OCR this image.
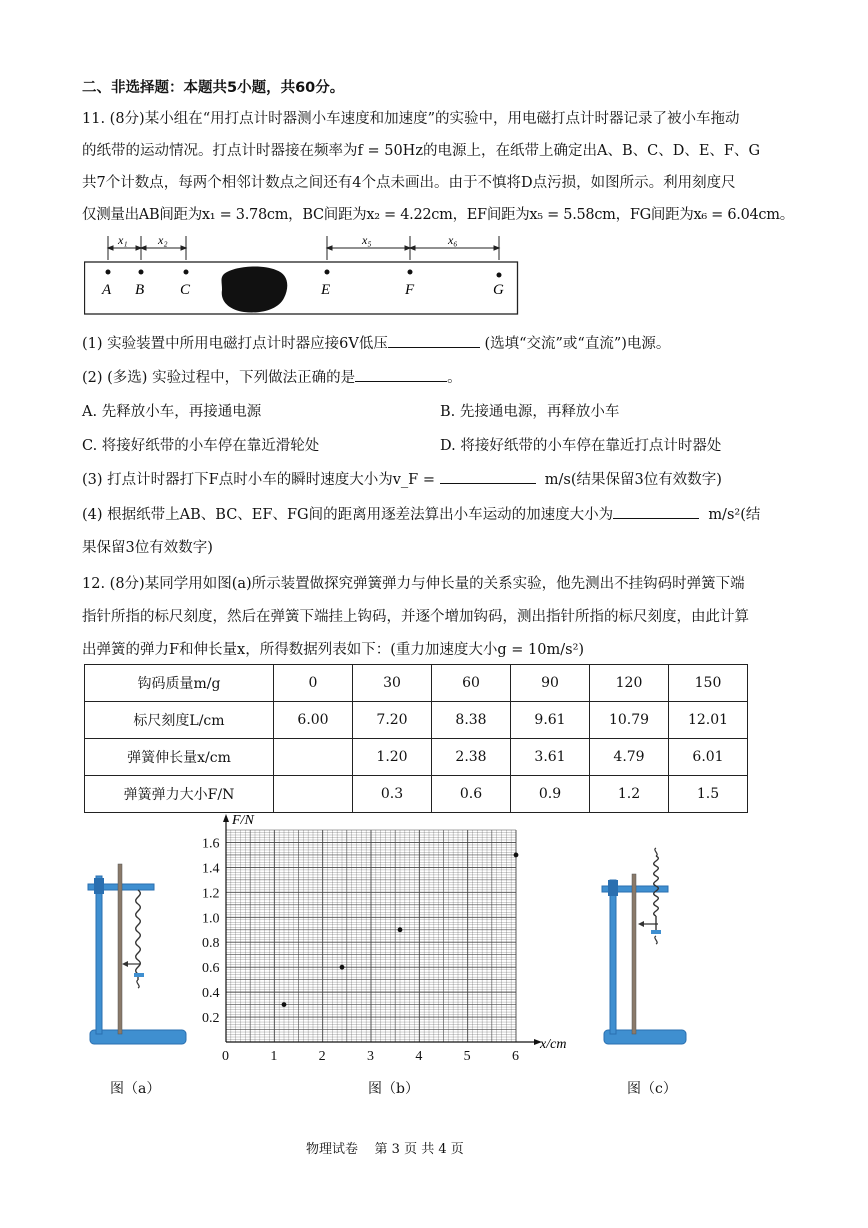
二、非选择题：本题共5小题，共60分。
11. (8分)某小组在“用打点计时器测小车速度和加速度”的实验中，用电磁打点计时器记录了被小车拖动
的纸带的运动情况。打点计时器接在频率为f = 50Hz的电源上，在纸带上确定出A、B、C、D、E、F、G
共7个计数点，每两个相邻计数点之间还有4个点未画出。由于不慎将D点污损，如图所示。利用刻度尺
仅测量出AB间距为x₁ = 3.78cm，BC间距为x₂ = 4.22cm，EF间距为x₅ = 5.58cm，FG间距为x₆ = 6.04cm。
x₁	x₂	x₅	x₆
A B C	E	F	G
(1) 实验装置中所用电磁打点计时器应接6V低压	(选填“交流”或“直流”)电源。
(2) (多选) 实验过程中，下列做法正确的是	。
A. 先释放小车，再接通电源	B. 先接通电源，再释放小车
C. 将接好纸带的小车停在靠近滑轮处	D. 将接好纸带的小车停在靠近打点计时器处
(3) 打点计时器打下F点时小车的瞬时速度大小为v_F =	m/s(结果保留3位有效数字)
(4) 根据纸带上AB、BC、EF、FG间的距离用逐差法算出小车运动的加速度大小为	m/s²(结
果保留3位有效数字)
12. (8分)某同学用如图(a)所示装置做探究弹簧弹力与伸长量的关系实验，他先测出不挂钩码时弹簧下端
指针所指的标尺刻度，然后在弹簧下端挂上钩码，并逐个增加钩码，测出指针所指的标尺刻度，由此计算
出弹簧的弹力F和伸长量x，所得数据列表如下：(重力加速度大小g = 10m/s²)
钩码质量m/g	0	30	60	90	120	150
标尺刻度L/cm	6.00	7.20	8.38	9.61	10.79	12.01
弹簧伸长量x/cm		1.20	2.38	3.61	4.79	6.01
弹簧弹力大小F/N		0.3	0.6	0.9	1.2	1.5
0	1	2	3	4	5	6
0.2
0.4
0.6
0.8
1.0
1.2
1.4
1.6
F/N
x/cm
图（a）	图（b）	图（c）
物理试卷    第 3 页 共 4 页
